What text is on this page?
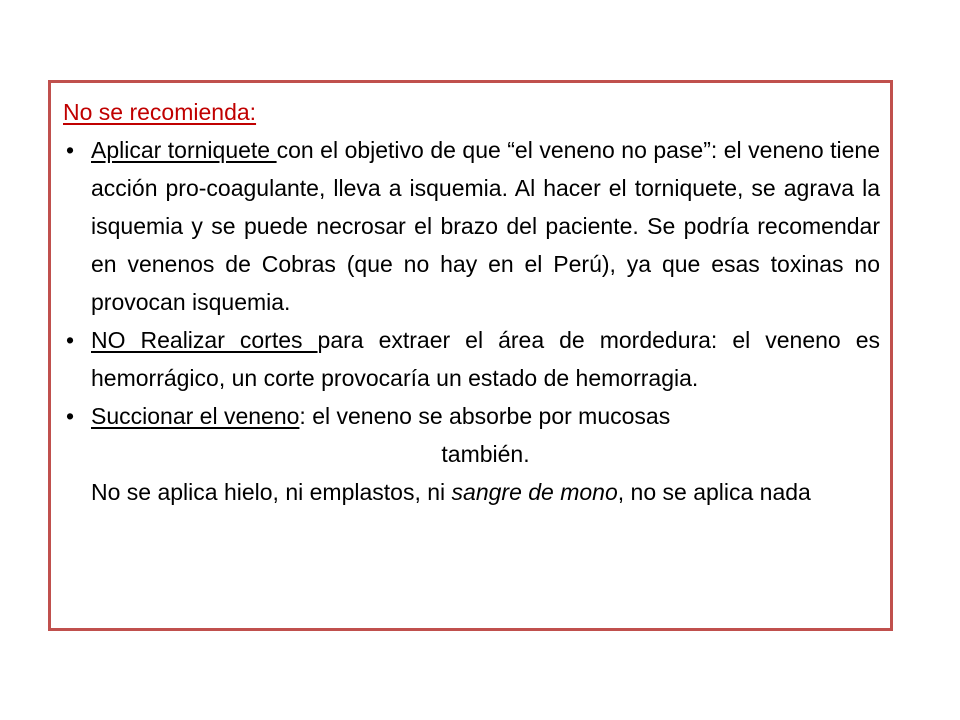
No se recomienda:
• Aplicar torniquete con el objetivo de que “el veneno no pase”: el veneno tiene acción pro-coagulante, lleva a isquemia. Al hacer el torniquete, se agrava la isquemia y se puede necrosar el brazo del paciente. Se podría recomendar en venenos de Cobras (que no hay en el Perú), ya que esas toxinas no provocan isquemia.
• NO Realizar cortes para extraer el área de mordedura: el veneno es hemorrágico, un corte provocaría un estado de hemorragia.
• Succionar el veneno: el veneno se absorbe por mucosas
también.
No se aplica hielo, ni emplastos, ni sangre de mono, no se aplica nada
